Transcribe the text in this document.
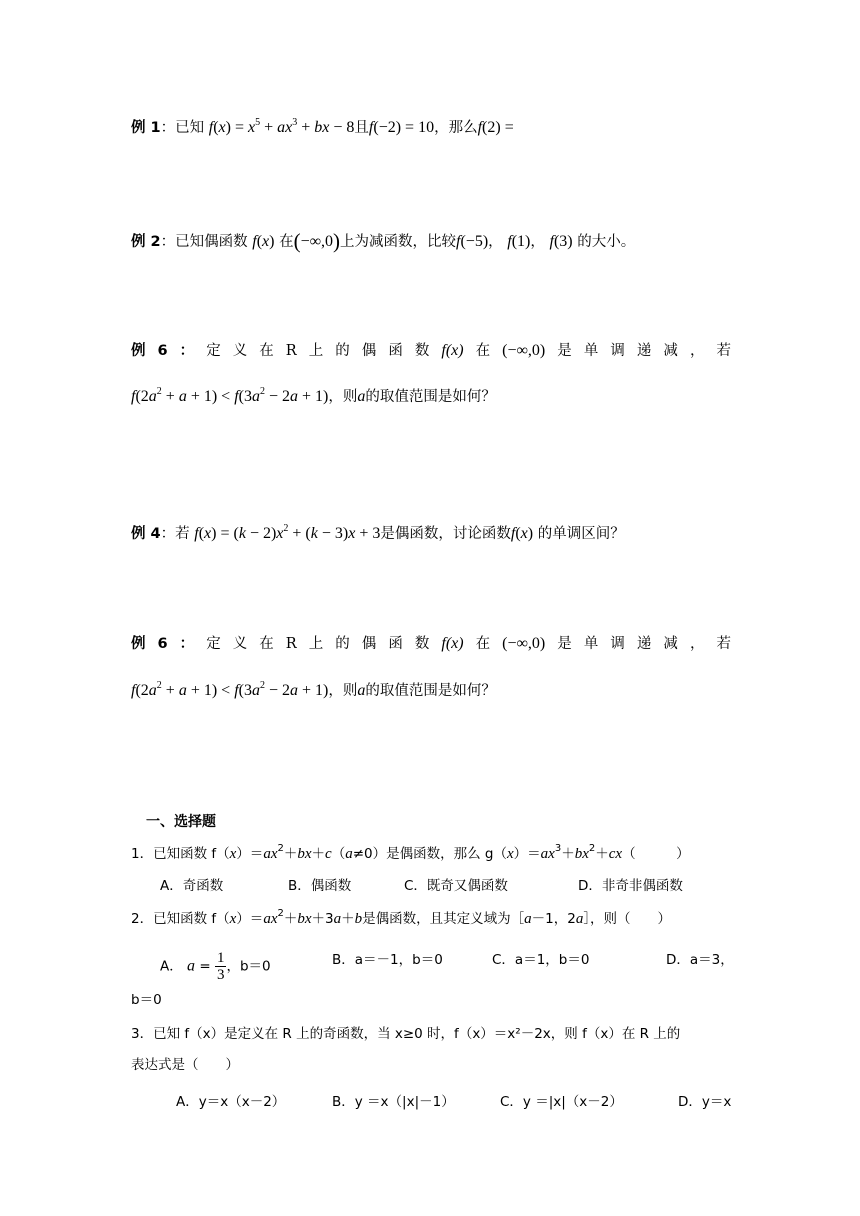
例 1：已知 $f(x) = x^5 + ax^3$ + bx − 8且f(−2) = 10，那么f(2) =
例 2：已知偶函数 f(x) 在(−∞,0)上为减函数，比较f(−5)， f(1)， f(3) 的大小。
例 6 ： 定 义 在 R 上 的 偶 函 数 f(x) 在 (−∞,0) 是 单 调 递 减 ， 若
$f(2a^2 + a + 1) < f(3a^2 - 2a + 1)$，则a的取值范围是如何？
例 4：若 $f(x) = (k - 2)x^2 + (k - 3)x + 3$是偶函数，讨论函数f(x) 的单调区间？
例 6 ： 定 义 在 R 上 的 偶 函 数 f(x) 在 (−∞,0) 是 单 调 递 减 ， 若
$f(2a^2 + a + 1) < f(3a^2 - 2a + 1)$，则a的取值范围是如何？
一、选择题
1．已知函数 $f(x)=ax^2+bx+c(a\ne 0)$是偶函数，那么 $g(x)=ax^3+bx^2+cx$（　　　）
A．奇函数	B．偶函数	C．既奇又偶函数	D．非奇非偶函数
2．已知函数 $f(x)=ax^2+bx+3a+b$是偶函数，且其定义域为［a－1，2a］，则（　　）
A． $a = \frac{1}{3}$ ，b＝0	B．a＝－1，b＝0	C．a＝1，b＝0	D．a＝3，
b＝0
3．已知 f（x）是定义在 R 上的奇函数，当 x≥0 时，f（x）＝x²－2x，则 f（x）在 R 上的
表达式是（　　）
A．y＝x（x－2）	B．y ＝x（|x|－1）	C．y ＝|x|（x－2）	D．y＝x
